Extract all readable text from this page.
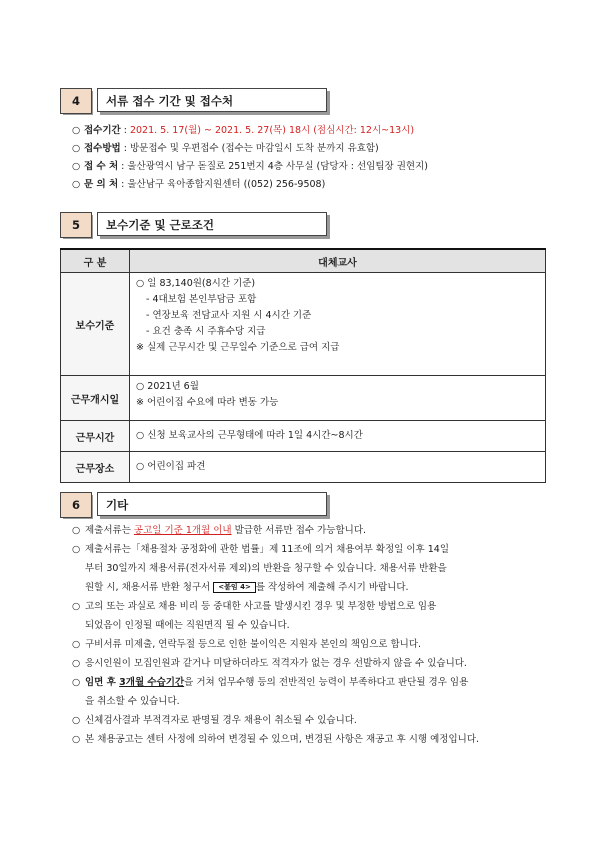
4	서류 접수 기간 및 접수처
○ 접수기간 : 2021. 5. 17(월) ~ 2021. 5. 27(목) 18시 (점심시간: 12시~13시)
○ 접수방법 : 방문접수 및 우편접수 (접수는 마감일시 도착 분까지 유효함)
○ 접 수 처 : 울산광역시 남구 돋질로 251번지 4층 사무실 (담당자 : 선임팀장 권현지)
○ 문 의 처 : 울산남구 육아종합지원센터 ((052) 256-9508)
5	보수기준 및 근로조건
구 분	대체교사
보수기준	○ 일 83,140원(8시간 기준)
- 4대보험 본인부담금 포함
- 연장보육 전담교사 지원 시 4시간 기준
- 요건 충족 시 주휴수당 지급
※ 실제 근무시간 및 근무일수 기준으로 급여 지급

근무개시일	○ 2021년 6월
※ 어린이집 수요에 따라 변동 가능

근무시간	○ 신청 보육교사의 근무형태에 따라 1일 4시간~8시간

근무장소	○ 어린이집 파견
6	기타
○ 제출서류는 공고일 기준 1개월 이내 발급한 서류만 접수 가능합니다.
○ 제출서류는「채용절차 공정화에 관한 법률」제 11조에 의거 채용여부 확정일 이후 14일
부터 30일까지 채용서류(전자서류 제외)의 반환을 청구할 수 있습니다. 채용서류 반환을
원할 시, 채용서류 반환 청구서 <붙임 4> 를 작성하여 제출해 주시기 바랍니다.
○ 고의 또는 과실로 채용 비리 등 중대한 사고를 발생시킨 경우 및 부정한 방법으로 임용
되었음이 인정될 때에는 직원면직 될 수 있습니다.
○ 구비서류 미제출, 연락두절 등으로 인한 불이익은 지원자 본인의 책임으로 합니다.
○ 응시인원이 모집인원과 같거나 미달하더라도 적격자가 없는 경우 선발하지 않을 수 있습니다.
○ 임면 후 3개월 수습기간을 거쳐 업무수행 등의 전반적인 능력이 부족하다고 판단될 경우 임용
을 취소할 수 있습니다.
○ 신체검사결과 부적격자로 판명될 경우 채용이 취소될 수 있습니다.
○ 본 채용공고는 센터 사정에 의하여 변경될 수 있으며, 변경된 사항은 재공고 후 시행 예정입니다.
